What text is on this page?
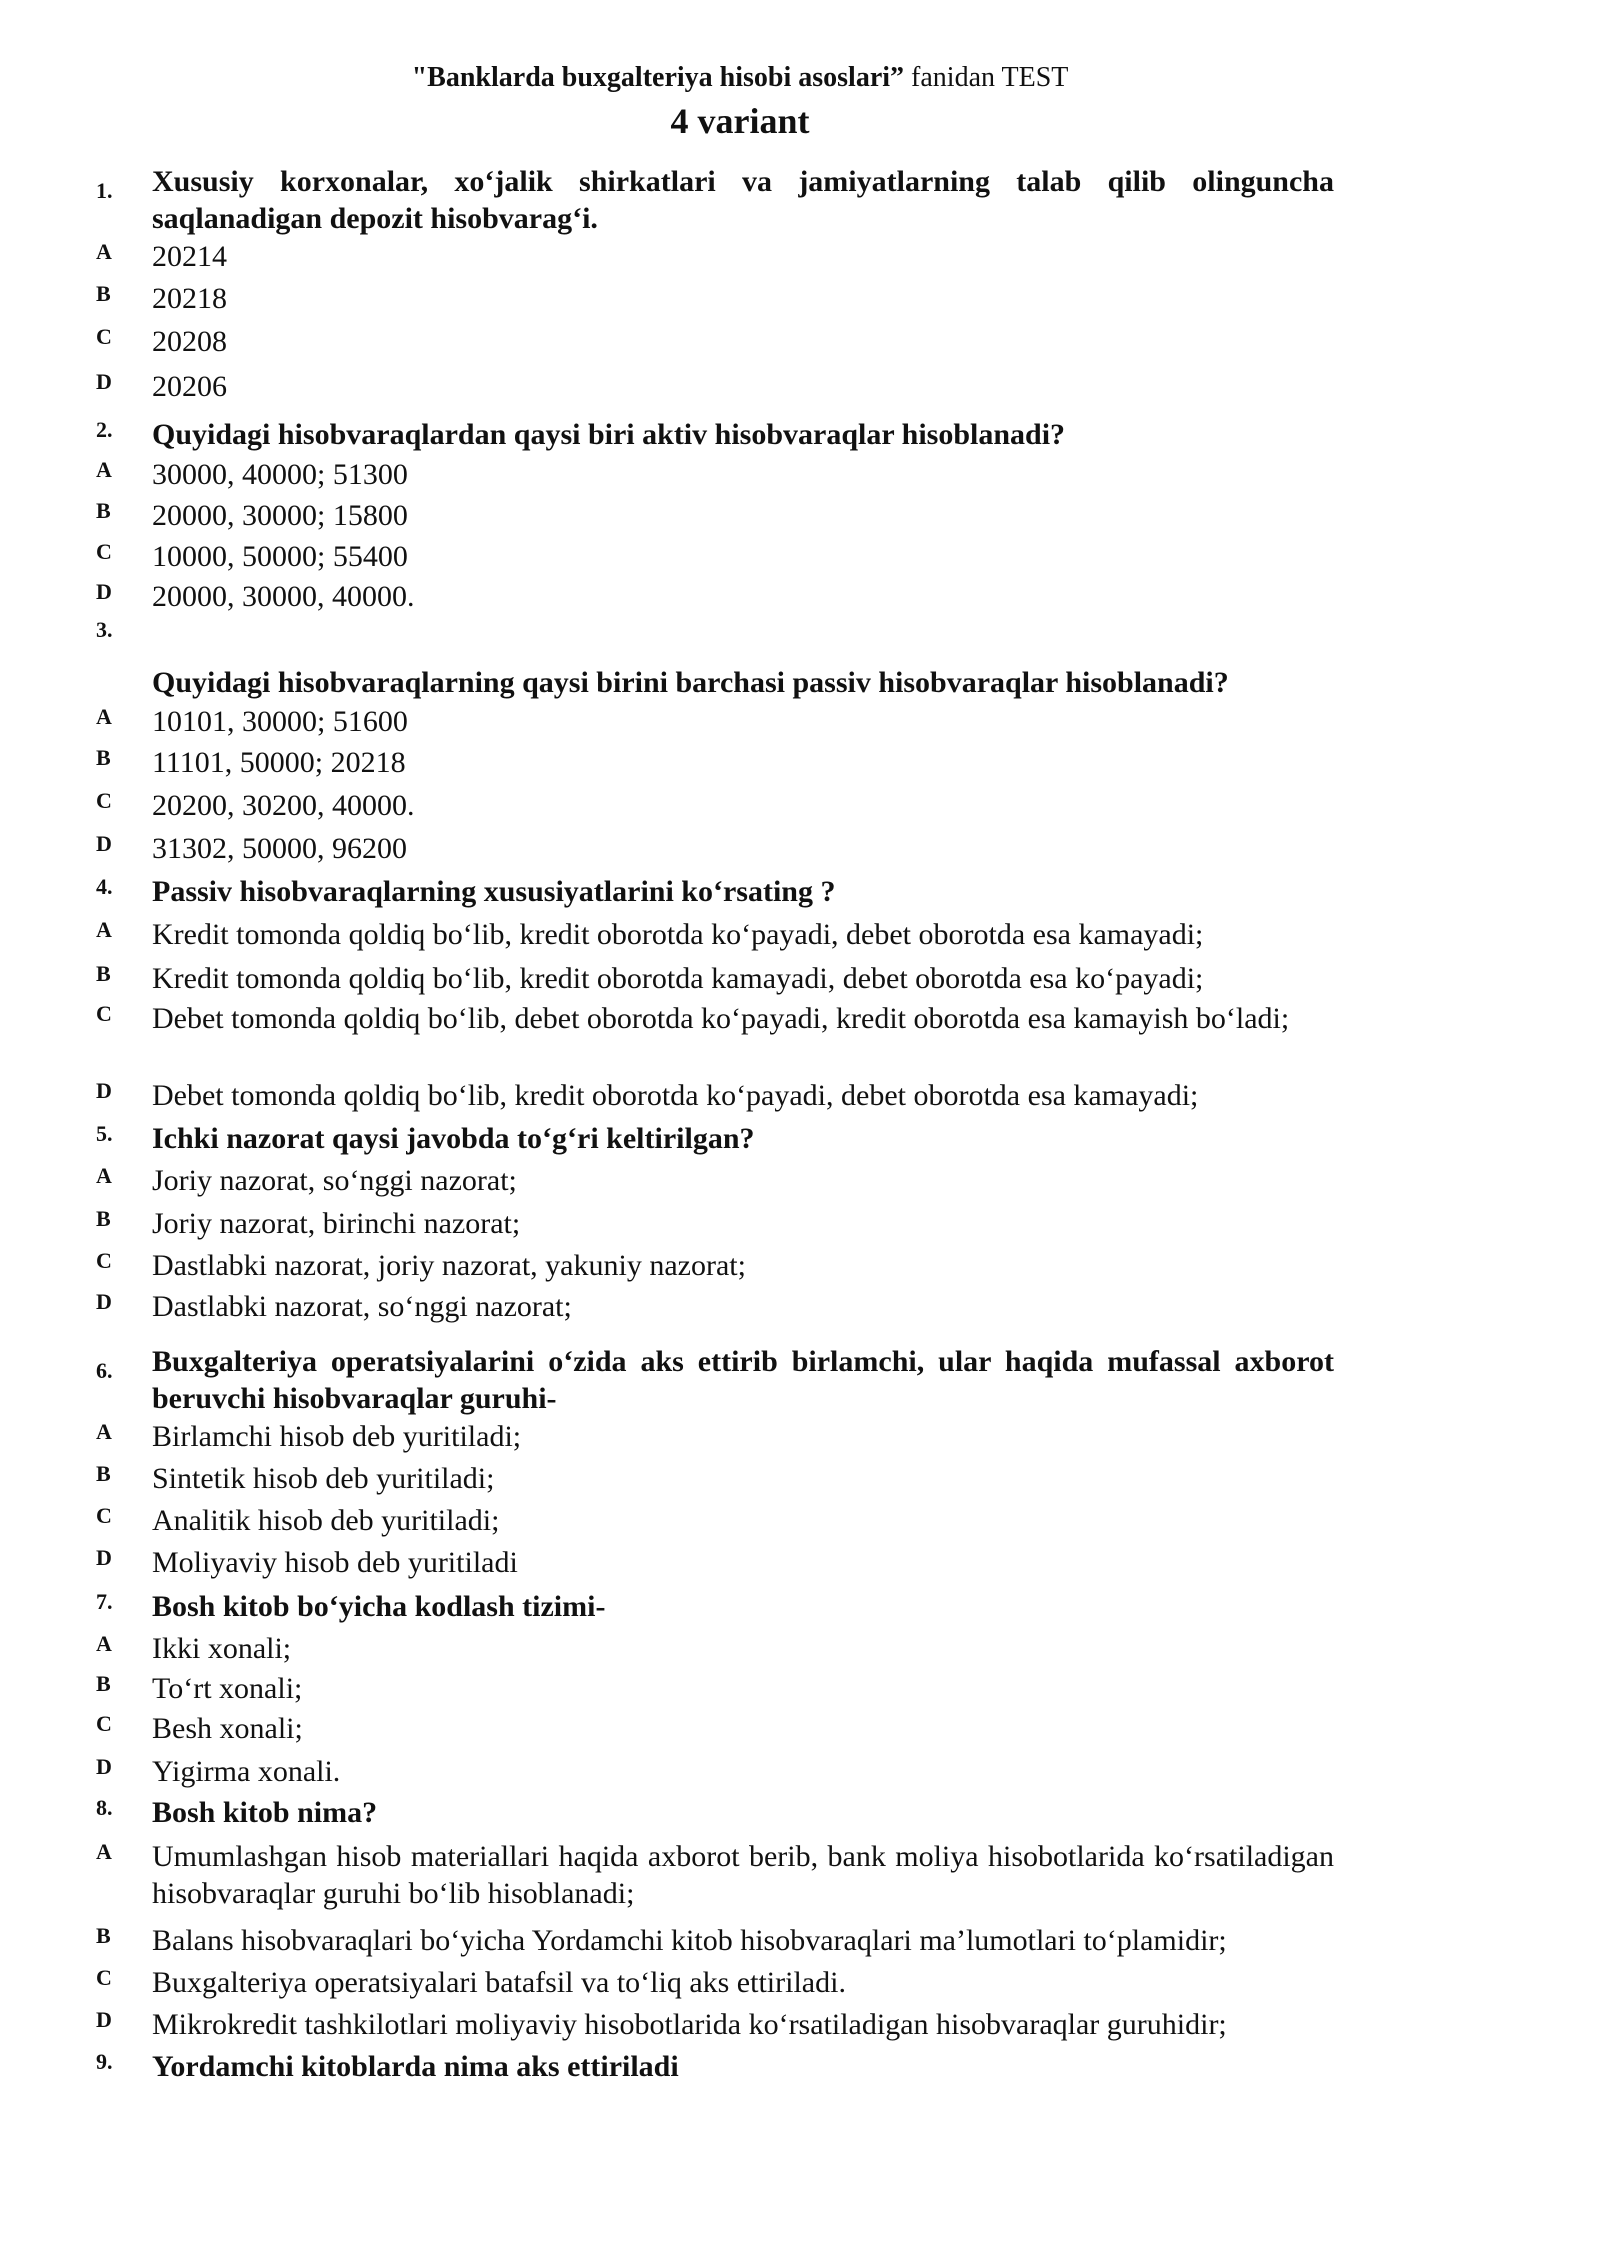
"Banklarda buxgalteriya hisobi asoslari” fanidan TEST
4 variant
1. Xususiy korxonalar, xo‘jalik shirkatlari va jamiyatlarning talab qilib olinguncha saqlanadigan depozit hisobvarag‘i.
A 20214
B 20218
C 20208
D 20206
2. Quyidagi hisobvaraqlardan qaysi biri aktiv hisobvaraqlar hisoblanadi?
A 30000, 40000; 51300
B 20000, 30000; 15800
C 10000, 50000; 55400
D 20000, 30000, 40000.
3.
Quyidagi hisobvaraqlarning qaysi birini barchasi passiv hisobvaraqlar hisoblanadi?
A 10101, 30000; 51600
B 11101, 50000; 20218
C 20200, 30200, 40000.
D 31302, 50000, 96200
4. Passiv hisobvaraqlarning xususiyatlarini ko‘rsating ?
A Kredit tomonda qoldiq bo‘lib, kredit oborotda ko‘payadi, debet oborotda esa kamayadi;
B Kredit tomonda qoldiq bo‘lib, kredit oborotda kamayadi, debet oborotda esa ko‘payadi;
C Debet tomonda qoldiq bo‘lib, debet oborotda ko‘payadi, kredit oborotda esa kamayish bo‘ladi;
D Debet tomonda qoldiq bo‘lib, kredit oborotda ko‘payadi, debet oborotda esa kamayadi;
5. Ichki nazorat qaysi javobda to‘g‘ri keltirilgan?
A Joriy nazorat, so‘nggi nazorat;
B Joriy nazorat, birinchi nazorat;
C Dastlabki nazorat, joriy nazorat, yakuniy nazorat;
D Dastlabki nazorat, so‘nggi nazorat;
6. Buxgalteriya operatsiyalarini o‘zida aks ettirib birlamchi, ular haqida mufassal axborot beruvchi hisobvaraqlar guruhi-
A Birlamchi hisob deb yuritiladi;
B Sintetik hisob deb yuritiladi;
C Analitik hisob deb yuritiladi;
D Moliyaviy hisob deb yuritiladi
7. Bosh kitob bo‘yicha kodlash tizimi-
A Ikki xonali;
B To‘rt xonali;
C Besh xonali;
D Yigirma xonali.
8. Bosh kitob nima?
A Umumlashgan hisob materiallari haqida axborot berib, bank moliya hisobotlarida ko‘rsatiladigan hisobvaraqlar guruhi bo‘lib hisoblanadi;
B Balans hisobvaraqlari bo‘yicha Yordamchi kitob hisobvaraqlari ma’lumotlari to‘plamidir;
C Buxgalteriya operatsiyalari batafsil va to‘liq aks ettiriladi.
D Mikrokredit tashkilotlari moliyaviy hisobotlarida ko‘rsatiladigan hisobvaraqlar guruhidir;
9. Yordamchi kitoblarda nima aks ettiriladi
